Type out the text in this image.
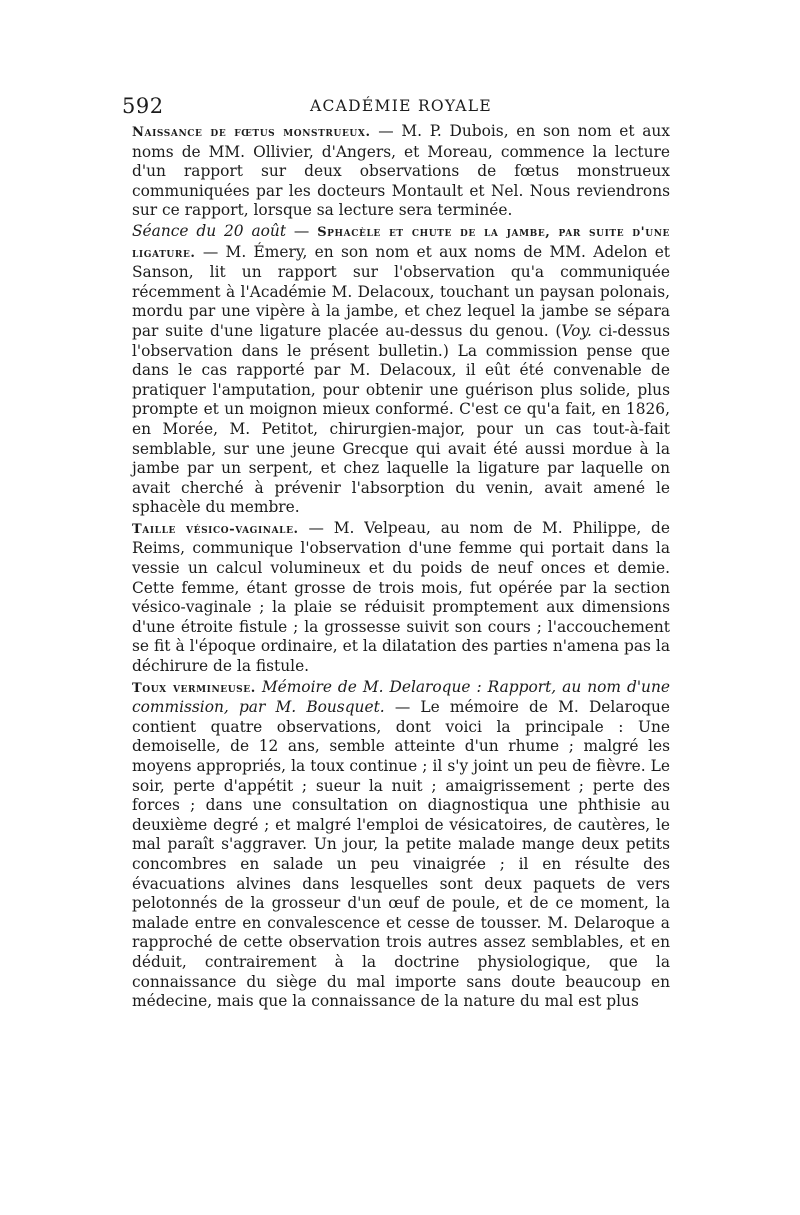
592	ACADÉMIE ROYALE

Naissance de fœtus monstrueux. — M. P. Dubois, en son nom et aux noms de MM. Ollivier, d'Angers, et Moreau, commence la lecture d'un rapport sur deux observations de fœtus monstrueux communiquées par les docteurs Montault et Nel. Nous reviendrons sur ce rapport, lorsque sa lecture sera terminée.

Séance du 20 août — Sphacèle et chute de la jambe, par suite d'une ligature. — M. Émery, en son nom et aux noms de MM. Adelon et Sanson, lit un rapport sur l'observation qu'a communiquée récemment à l'Académie M. Delacoux, touchant un paysan polonais, mordu par une vipère à la jambe, et chez lequel la jambe se sépara par suite d'une ligature placée au-dessus du genou. (Voy. ci-dessus l'observation dans le présent bulletin.) La commission pense que dans le cas rapporté par M. Delacoux, il eût été convenable de pratiquer l'amputation, pour obtenir une guérison plus solide, plus prompte et un moignon mieux conformé. C'est ce qu'a fait, en 1826, en Morée, M. Petitot, chirurgien-major, pour un cas tout-à-fait semblable, sur une jeune Grecque qui avait été aussi mordue à la jambe par un serpent, et chez laquelle la ligature par laquelle on avait cherché à prévenir l'absorption du venin, avait amené le sphacèle du membre.

Taille vésico-vaginale. — M. Velpeau, au nom de M. Philippe, de Reims, communique l'observation d'une femme qui portait dans la vessie un calcul volumineux et du poids de neuf onces et demie. Cette femme, étant grosse de trois mois, fut opérée par la section vésico-vaginale ; la plaie se réduisit promptement aux dimensions d'une étroite fistule ; la grossesse suivit son cours ; l'accouchement se fit à l'époque ordinaire, et la dilatation des parties n'amena pas la déchirure de la fistule.

Toux vermineuse. Mémoire de M. Delaroque : Rapport, au nom d'une commission, par M. Bousquet. — Le mémoire de M. Delaroque contient quatre observations, dont voici la principale : Une demoiselle, de 12 ans, semble atteinte d'un rhume ; malgré les moyens appropriés, la toux continue ; il s'y joint un peu de fièvre. Le soir, perte d'appétit ; sueur la nuit ; amaigrissement ; perte des forces ; dans une consultation on diagnostiqua une phthisie au deuxième degré ; et malgré l'emploi de vésicatoires, de cautères, le mal paraît s'aggraver. Un jour, la petite malade mange deux petits concombres en salade un peu vinaigrée ; il en résulte des évacuations alvines dans lesquelles sont deux paquets de vers pelotonnés de la grosseur d'un œuf de poule, et de ce moment, la malade entre en convalescence et cesse de tousser. M. Delaroque a rapproché de cette observation trois autres assez semblables, et en déduit, contrairement à la doctrine physiologique, que la connaissance du siège du mal importe sans doute beaucoup en médecine, mais que la connaissance de la nature du mal est plus
